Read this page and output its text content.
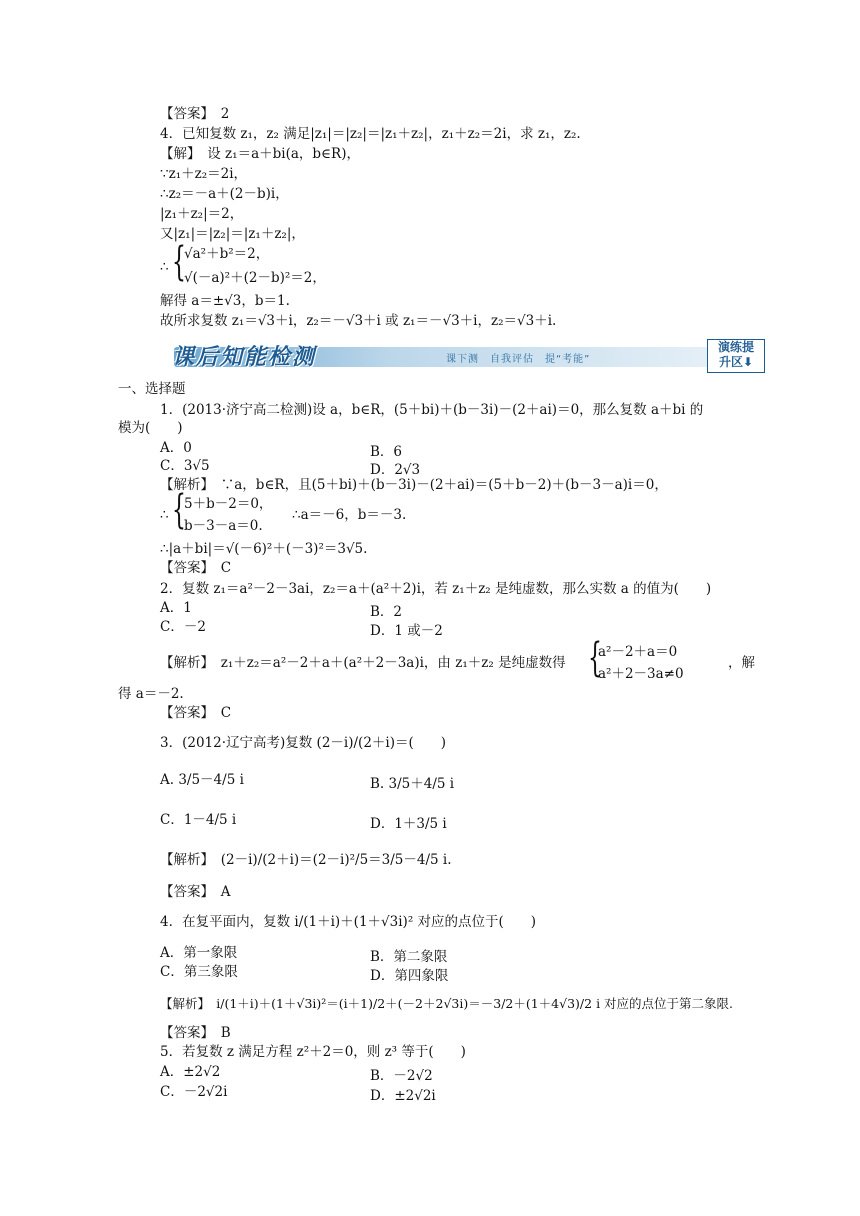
【答案】　2
4．已知复数 z₁，z₂ 满足|z₁|＝|z₂|＝|z₁＋z₂|，z₁＋z₂＝2i，求 z₁，z₂.
【解】　设 z₁＝a＋bi(a，b∈R)，
∵z₁＋z₂＝2i，
∴z₂＝－a＋(2－b)i，
|z₁＋z₂|＝2，
又|z₁|＝|z₂|＝|z₁＋z₂|，
∴ {
√a²＋b²＝2，
√(－a)²＋(2－b)²＝2，
解得 a＝±√3，b＝1.
故所求复数 z₁＝√3＋i，z₂＝－√3＋i 或 z₁＝－√3＋i，z₂＝√3＋i.
课后知能检测	课下测　自我评估　提“考能”
演练提
升区⬇
一、选择题
1．(2013·济宁高二检测)设 a，b∈R，(5＋bi)＋(b－3i)－(2＋ai)＝0，那么复数 a＋bi 的
模为(　　)
A．0	B．6
C．3√5	D．2√3
【解析】　∵a，b∈R，且(5＋bi)＋(b－3i)－(2＋ai)＝(5＋b－2)＋(b－3－a)i＝0，
∴ {
5＋b－2＝0，
b－3－a＝0.
∴a＝－6，b＝－3.
∴|a＋bi|＝√(－6)²＋(－3)²＝3√5.
【答案】　C
2．复数 z₁＝a²－2－3ai，z₂＝a＋(a²＋2)i，若 z₁＋z₂ 是纯虚数，那么实数 a 的值为(　　)
A．1	B．2
C．－2	D．1 或－2
【解析】　z₁＋z₂＝a²－2＋a＋(a²＋2－3a)i，由 z₁＋z₂ 是纯虚数得 {
a²－2＋a＝0
a²＋2－3a≠0
，解
得 a＝－2.
【答案】　C
3．(2012·辽宁高考)复数 (2－i)/(2＋i)＝(　　)
A. 3/5－4/5 i	B. 3/5＋4/5 i
C．1－4/5 i	D．1＋3/5 i
【解析】　(2－i)/(2＋i)＝(2－i)²/5＝3/5－4/5 i.
【答案】　A
4．在复平面内，复数 i/(1＋i)＋(1＋√3i)² 对应的点位于(　　)
A．第一象限	B．第二象限
C．第三象限	D．第四象限
【解析】　i/(1＋i)＋(1＋√3i)²＝(i＋1)/2＋(－2＋2√3i)＝－3/2＋(1＋4√3)/2 i 对应的点位于第二象限.
【答案】　B
5．若复数 z 满足方程 z²＋2＝0，则 z³ 等于(　　)
A．±2√2	B．－2√2
C．－2√2i	D．±2√2i
